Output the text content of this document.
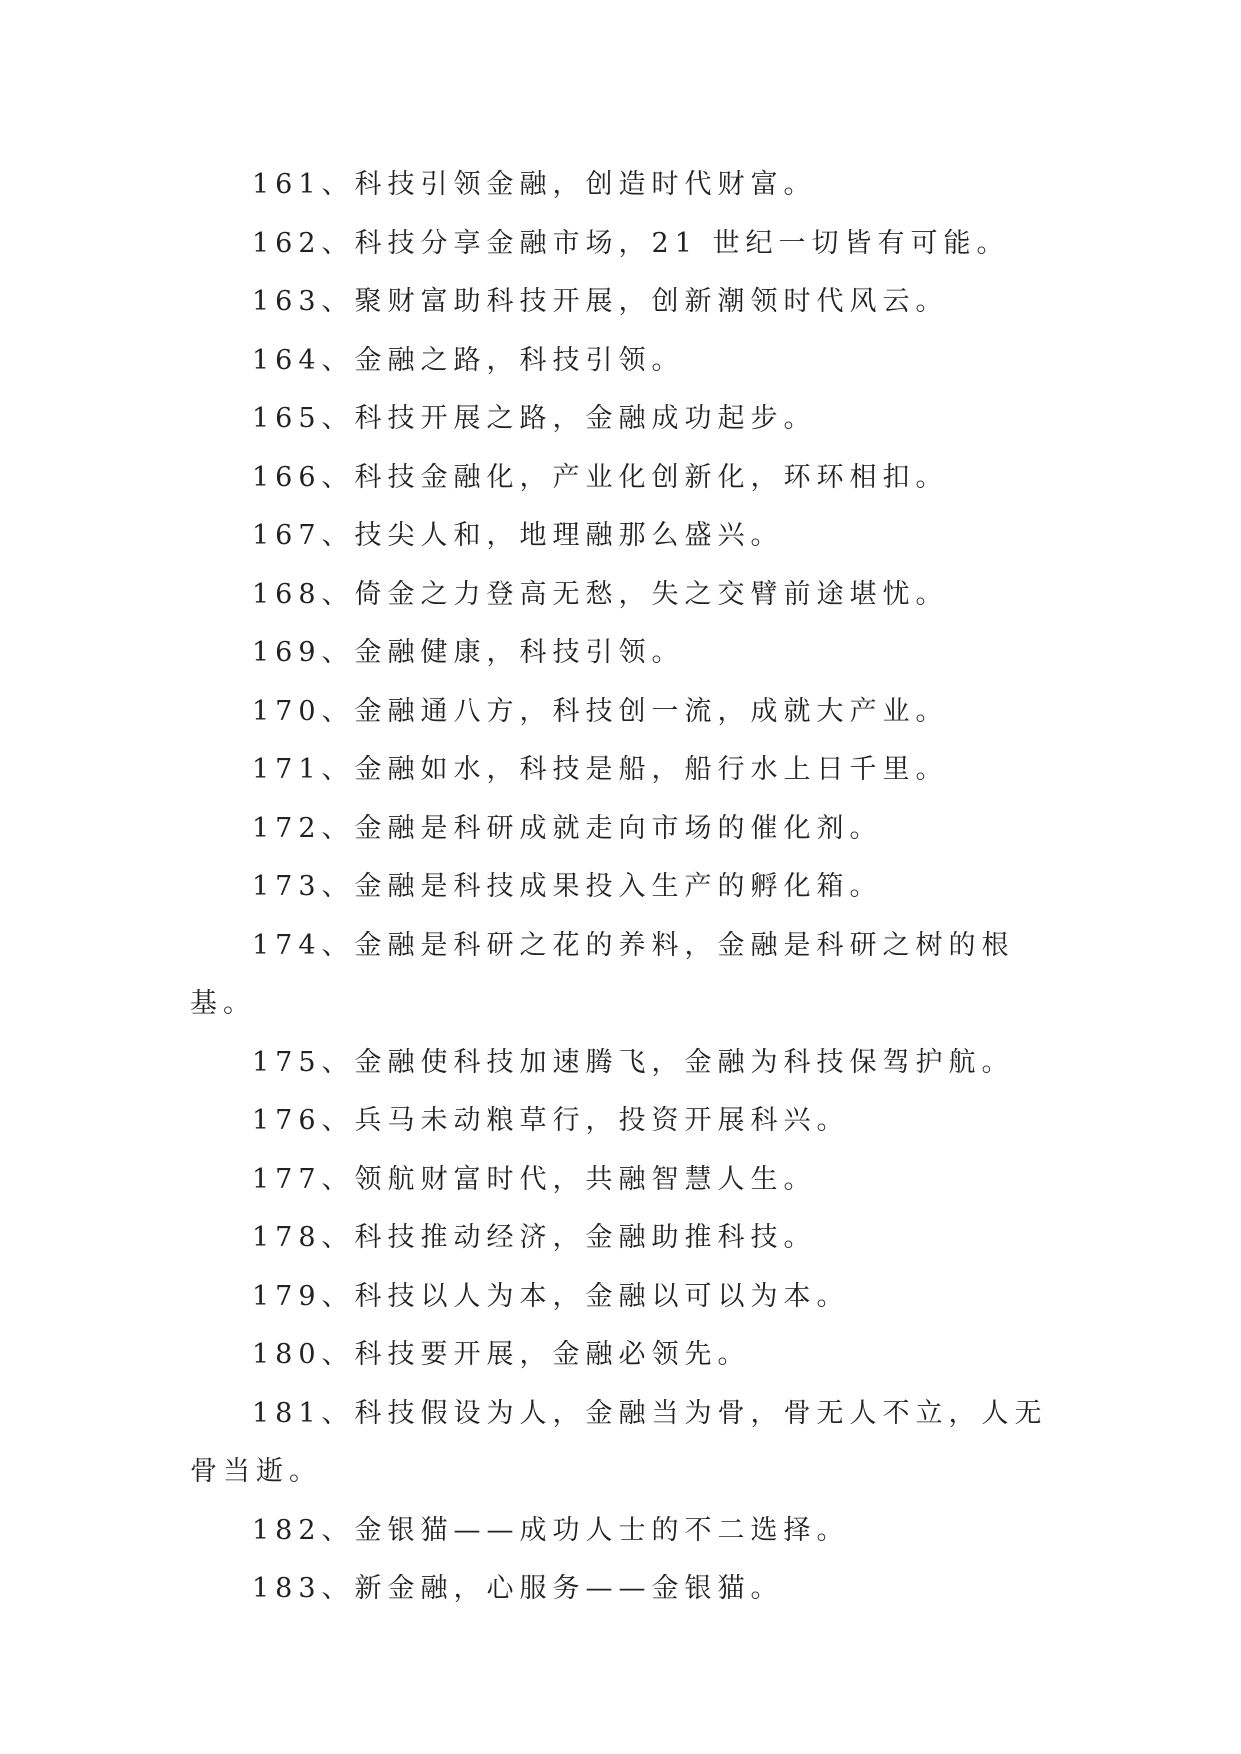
161、科技引领金融，创造时代财富。

162、科技分享金融市场，21 世纪一切皆有可能。

163、聚财富助科技开展，创新潮领时代风云。

164、金融之路，科技引领。

165、科技开展之路，金融成功起步。

166、科技金融化，产业化创新化，环环相扣。

167、技尖人和，地理融那么盛兴。

168、倚金之力登高无愁，失之交臂前途堪忧。

169、金融健康，科技引领。

170、金融通八方，科技创一流，成就大产业。

171、金融如水，科技是船，船行水上日千里。

172、金融是科研成就走向市场的催化剂。

173、金融是科技成果投入生产的孵化箱。

174、金融是科研之花的养料，金融是科研之树的根基。

175、金融使科技加速腾飞，金融为科技保驾护航。

176、兵马未动粮草行，投资开展科兴。

177、领航财富时代，共融智慧人生。

178、科技推动经济，金融助推科技。

179、科技以人为本，金融以可以为本。

180、科技要开展，金融必领先。

181、科技假设为人，金融当为骨，骨无人不立，人无骨当逝。

182、金银猫——成功人士的不二选择。

183、新金融，心服务——金银猫。
